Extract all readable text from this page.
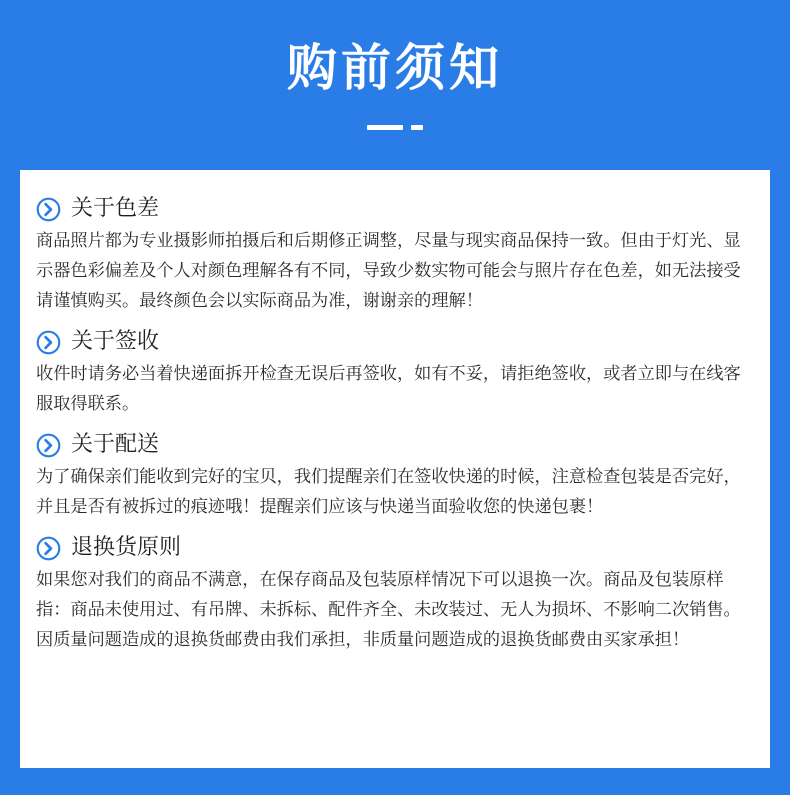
购前须知
关于色差

商品照片都为专业摄影师拍摄后和后期修正调整，尽量与现实商品保持一致。但由于灯光、显示器色彩偏差及个人对颜色理解各有不同，导致少数实物可能会与照片存在色差，如无法接受请谨慎购买。最终颜色会以实际商品为准，谢谢亲的理解！

关于签收

收件时请务必当着快递面拆开检查无误后再签收，如有不妥，请拒绝签收，或者立即与在线客服取得联系。

关于配送

为了确保亲们能收到完好的宝贝，我们提醒亲们在签收快递的时候，注意检查包装是否完好，并且是否有被拆过的痕迹哦！提醒亲们应该与快递当面验收您的快递包裹！

退换货原则

如果您对我们的商品不满意，在保存商品及包装原样情况下可以退换一次。商品及包装原样指：商品未使用过、有吊牌、未拆标、配件齐全、未改装过、无人为损坏、不影响二次销售。因质量问题造成的退换货邮费由我们承担，非质量问题造成的退换货邮费由买家承担！
